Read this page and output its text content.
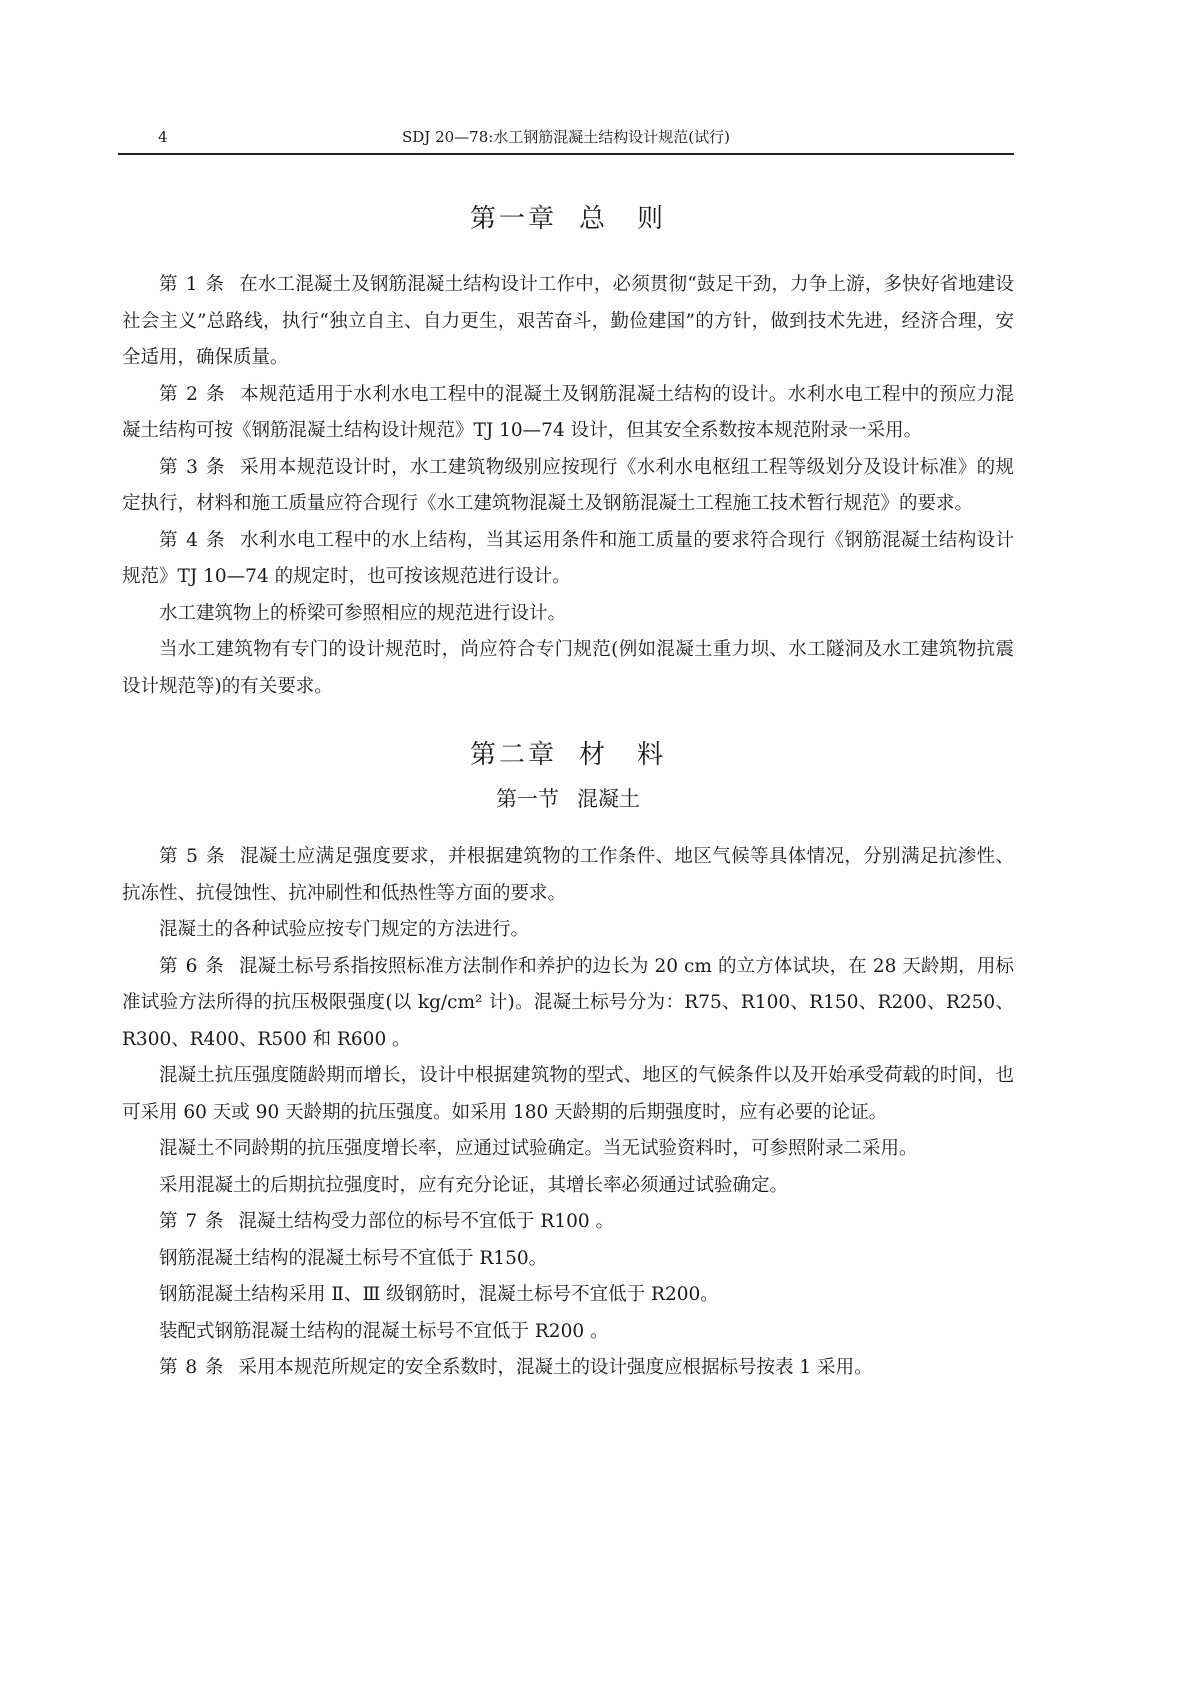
4	SDJ 20—78:水工钢筋混凝土结构设计规范(试行)
第一章 总　则

第 1 条 在水工混凝土及钢筋混凝土结构设计工作中，必须贯彻“鼓足干劲，力争上游，多快好省地建设社会主义”总路线，执行“独立自主、自力更生，艰苦奋斗，勤俭建国”的方针，做到技术先进，经济合理，安全适用，确保质量。

第 2 条 本规范适用于水利水电工程中的混凝土及钢筋混凝土结构的设计。水利水电工程中的预应力混凝土结构可按《钢筋混凝土结构设计规范》TJ 10—74 设计，但其安全系数按本规范附录一采用。

第 3 条 采用本规范设计时，水工建筑物级别应按现行《水利水电枢纽工程等级划分及设计标准》的规定执行，材料和施工质量应符合现行《水工建筑物混凝土及钢筋混凝土工程施工技术暂行规范》的要求。

第 4 条 水利水电工程中的水上结构，当其运用条件和施工质量的要求符合现行《钢筋混凝土结构设计规范》TJ 10—74 的规定时，也可按该规范进行设计。

水工建筑物上的桥梁可参照相应的规范进行设计。

当水工建筑物有专门的设计规范时，尚应符合专门规范(例如混凝土重力坝、水工隧洞及水工建筑物抗震设计规范等)的有关要求。

第二章 材　料
第一节 混凝土

第 5 条 混凝土应满足强度要求，并根据建筑物的工作条件、地区气候等具体情况，分别满足抗渗性、抗冻性、抗侵蚀性、抗冲刷性和低热性等方面的要求。

混凝土的各种试验应按专门规定的方法进行。

第 6 条 混凝土标号系指按照标准方法制作和养护的边长为 20 cm 的立方体试块，在 28 天龄期，用标准试验方法所得的抗压极限强度(以 kg/cm² 计)。混凝土标号分为：R75、R100、R150、R200、R250、R300、R400、R500 和 R600 。

混凝土抗压强度随龄期而增长，设计中根据建筑物的型式、地区的气候条件以及开始承受荷载的时间，也可采用 60 天或 90 天龄期的抗压强度。如采用 180 天龄期的后期强度时，应有必要的论证。

混凝土不同龄期的抗压强度增长率，应通过试验确定。当无试验资料时，可参照附录二采用。

采用混凝土的后期抗拉强度时，应有充分论证，其增长率必须通过试验确定。

第 7 条 混凝土结构受力部位的标号不宜低于 R100 。

钢筋混凝土结构的混凝土标号不宜低于 R150。

钢筋混凝土结构采用 Ⅱ、Ⅲ 级钢筋时，混凝土标号不宜低于 R200。

装配式钢筋混凝土结构的混凝土标号不宜低于 R200 。

第 8 条 采用本规范所规定的安全系数时，混凝土的设计强度应根据标号按表 1 采用。
